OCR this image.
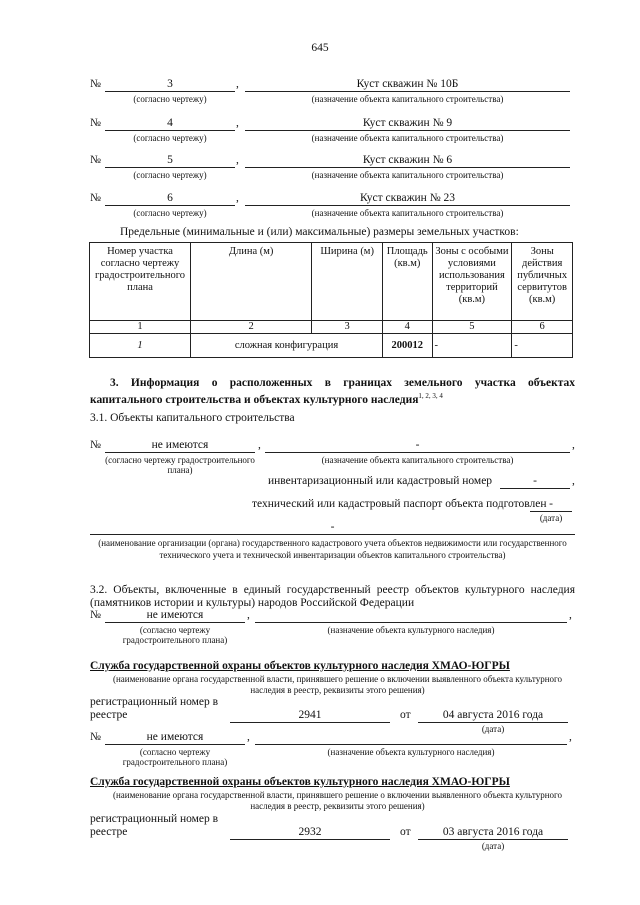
645
№	3	,	Куст скважин № 10Б
(согласно чертежу)	(назначение объекта капитального строительства)
№	4	,	Куст скважин № 9
(согласно чертежу)	(назначение объекта капитального строительства)
№	5	,	Куст скважин № 6
(согласно чертежу)	(назначение объекта капитального строительства)
№	6	,	Куст скважин № 23
(согласно чертежу)	(назначение объекта капитального строительства)
Предельные (минимальные и (или) максимальные) размеры земельных участков:
Номер участка согласно чертежу градостроительного плана	Длина (м)	Ширина (м)	Площадь (кв.м)	Зоны с особыми условиями использования территорий (кв.м)	Зоны действия публичных сервитутов (кв.м)
1	2	3	4	5	6
1	сложная конфигурация		200012	-	-
3. Информация о расположенных в границах земельного участка объектах капитального строительства и объектах культурного наследия$^{1, 2, 3, 4}$
3.1. Объекты капитального строительства
№	не имеются	,	-	,
(согласно чертежу градостроительного плана)
(назначение объекта капитального строительства)
инвентаризационный или кадастровый номер	-	,
технический или кадастровый паспорт объекта подготовлен -
(дата)
-
(наименование организации (органа) государственного кадастрового учета объектов недвижимости или государственного технического учета и технической инвентаризации объектов капитального строительства)
3.2. Объекты, включенные в единый государственный реестр объектов культурного наследия (памятников истории и культуры) народов Российской Федерации
№	не имеются	,	,
(согласно чертежу градостроительного плана)
(назначение объекта культурного наследия)
Служба государственной охраны объектов культурного наследия ХМАО-ЮГРЫ
(наименование органа государственной власти, принявшего решение о включении выявленного объекта культурного наследия в реестр, реквизиты этого решения)
регистрационный номер в реестре	2941	от	04 августа 2016 года
(дата)
№	не имеются	,	,
(согласно чертежу градостроительного плана)
(назначение объекта культурного наследия)
Служба государственной охраны объектов культурного наследия ХМАО-ЮГРЫ
(наименование органа государственной власти, принявшего решение о включении выявленного объекта культурного наследия в реестр, реквизиты этого решения)
регистрационный номер в реестре	2932	от	03 августа 2016 года
(дата)
